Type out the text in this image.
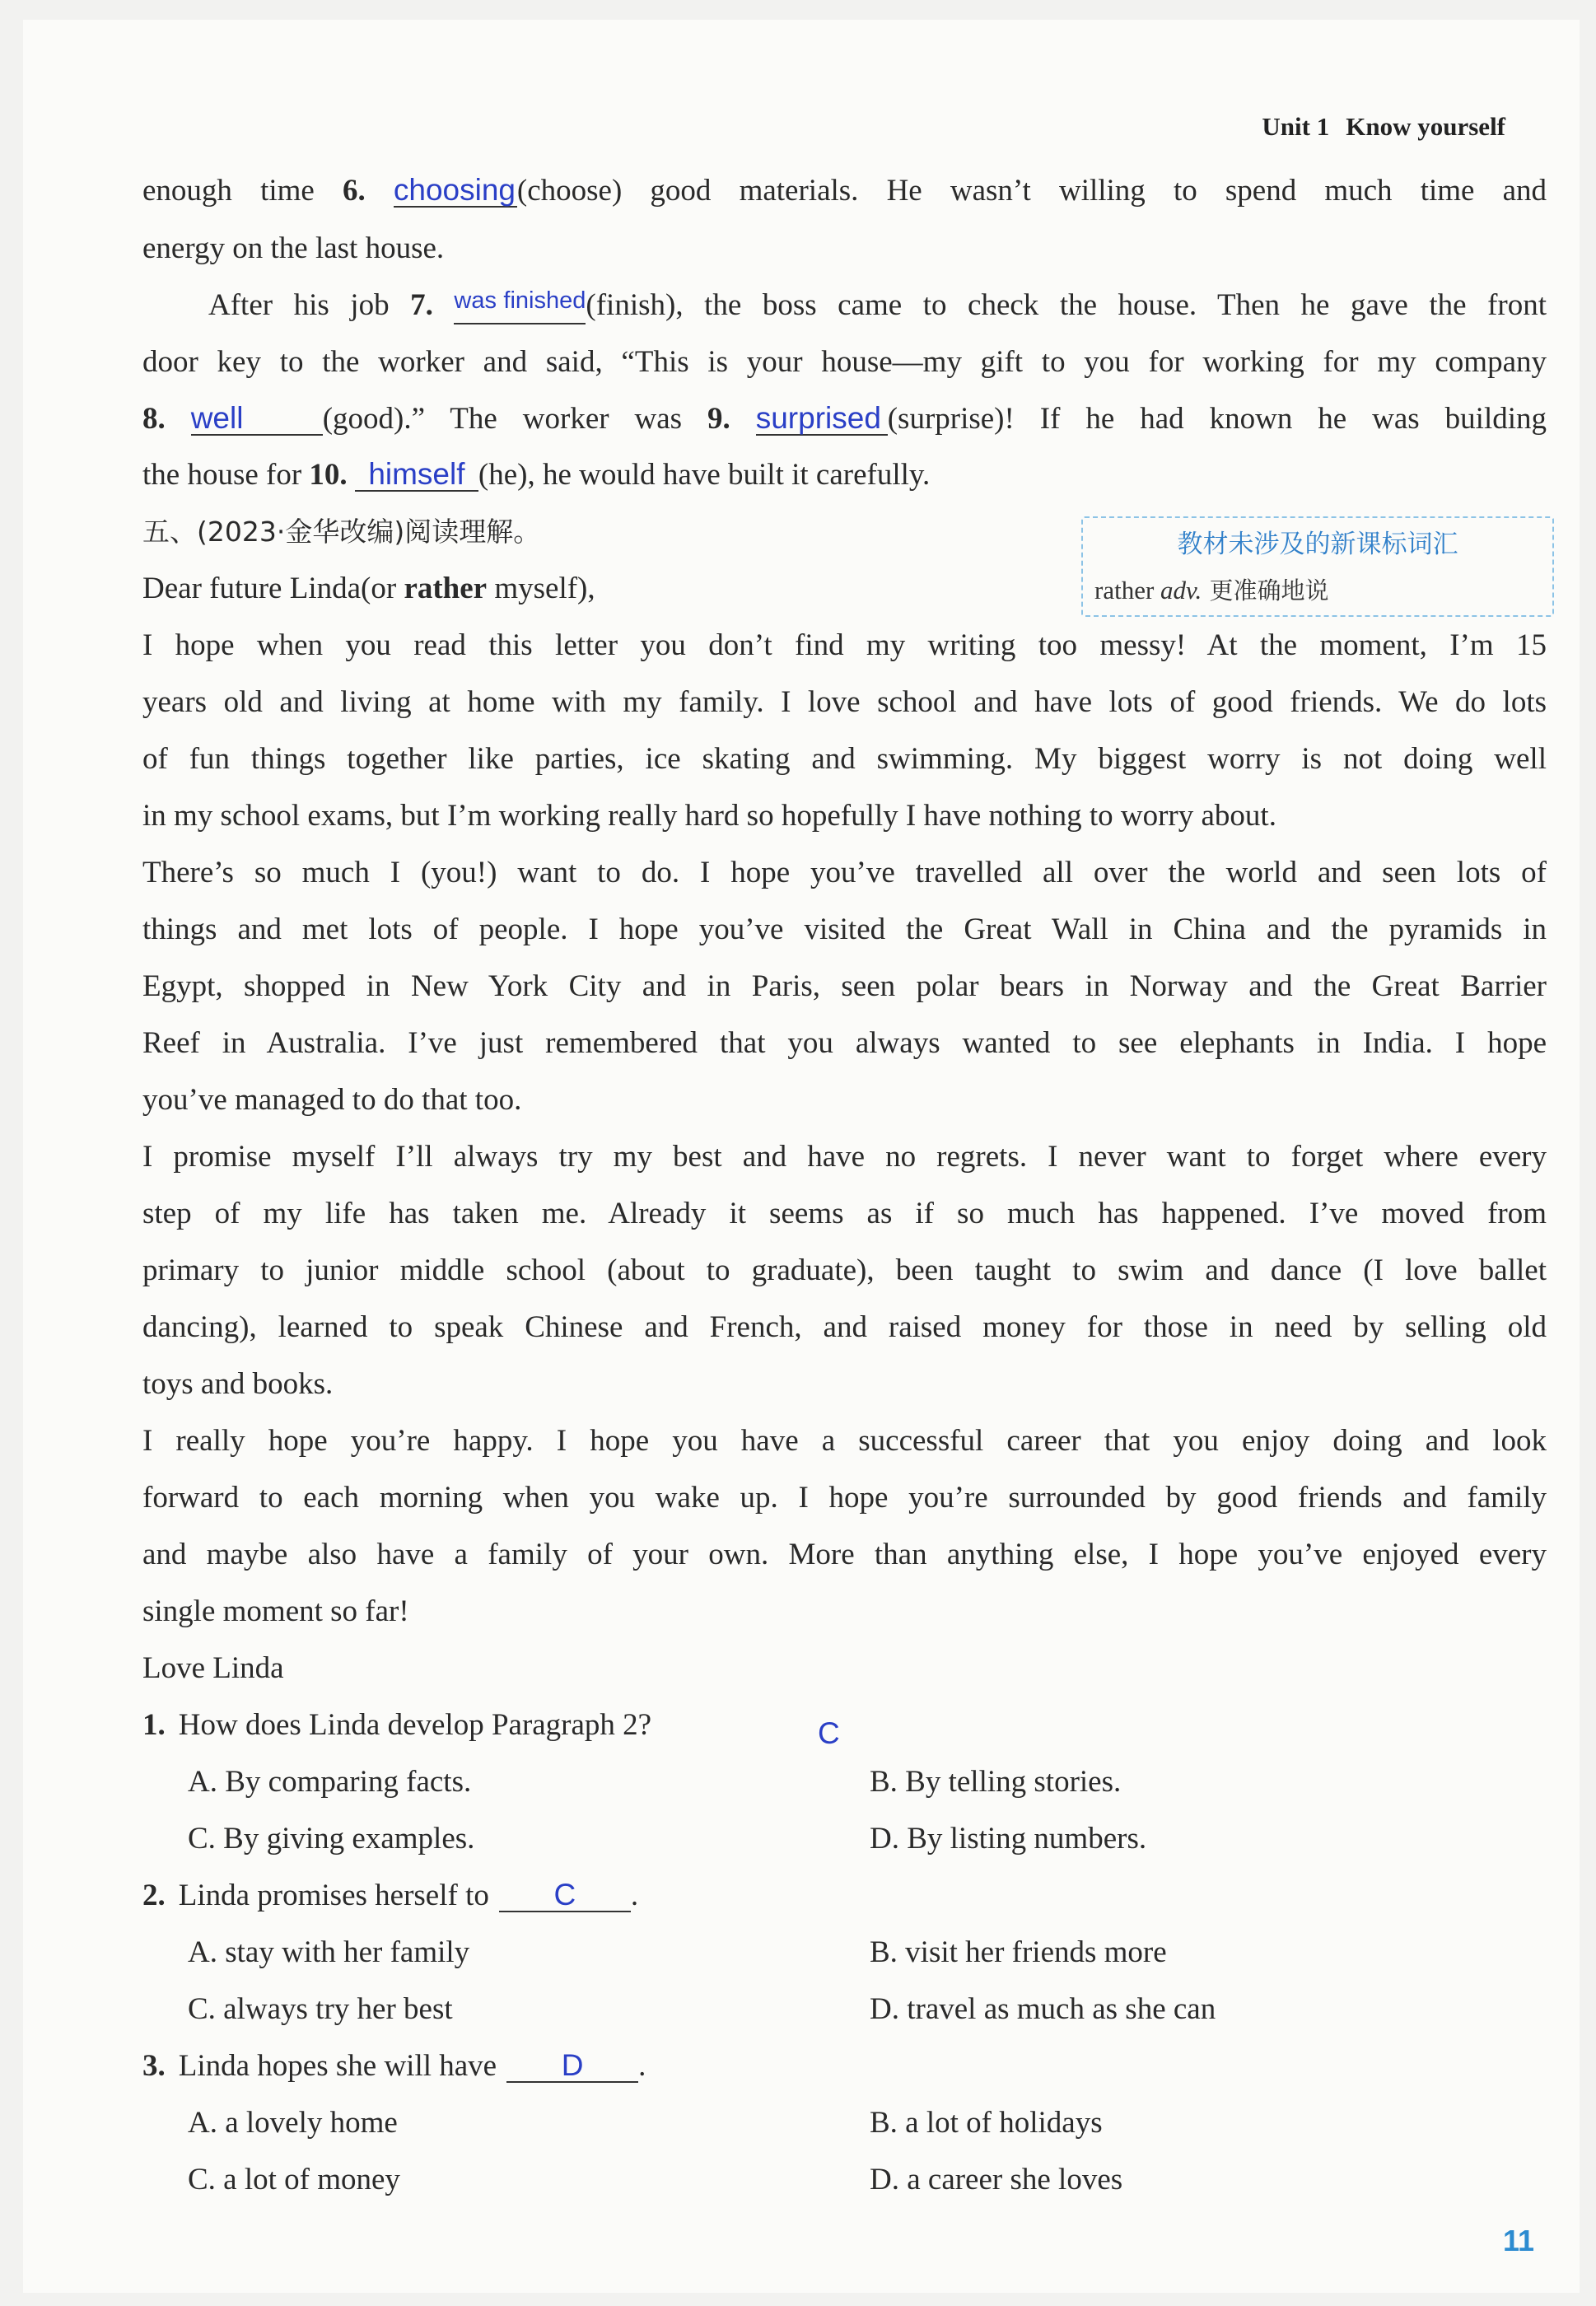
Unit 1 Know yourself
enough time 6. choosing(choose) good materials. He wasn’t willing to spend much time and
energy on the last house.
After his job 7. $^{was finished}$(finish), the boss came to check the house. Then he gave the front
door key to the worker and said, “This is your house—my gift to you for working for my company
8. well	(good).” The worker was 9. surprised (surprise)! If he had known he was building
the house for 10. himself (he), he would have built it carefully.
五、(2023·金华改编)阅读理解。
Dear future Linda(or rather myself),
I hope when you read this letter you don’t find my writing too messy! At the moment, I’m 15
years old and living at home with my family. I love school and have lots of good friends. We do lots
of fun things together like parties, ice skating and swimming. My biggest worry is not doing well
in my school exams, but I’m working really hard so hopefully I have nothing to worry about.
There’s so much I (you!) want to do. I hope you’ve travelled all over the world and seen lots of
things and met lots of people. I hope you’ve visited the Great Wall in China and the pyramids in
Egypt, shopped in New York City and in Paris, seen polar bears in Norway and the Great Barrier
Reef in Australia. I’ve just remembered that you always wanted to see elephants in India. I hope
you’ve managed to do that too.
I promise myself I’ll always try my best and have no regrets. I never want to forget where every
step of my life has taken me. Already it seems as if so much has happened. I’ve moved from
primary to junior middle school (about to graduate), been taught to swim and dance (I love ballet
dancing), learned to speak Chinese and French, and raised money for those in need by selling old
toys and books.
I really hope you’re happy. I hope you have a successful career that you enjoy doing and look
forward to each morning when you wake up. I hope you’re surrounded by good friends and family
and maybe also have a family of your own. More than anything else, I hope you’ve enjoyed every
single moment so far!
Love Linda
1. How does Linda develop Paragraph 2?	C
A. By comparing facts.	B. By telling stories.
C. By giving examples.	D. By listing numbers.
2. Linda promises herself to C .
A. stay with her family	B. visit her friends more
C. always try her best	D. travel as much as she can
3. Linda hopes she will have D .
A. a lovely home	B. a lot of holidays
C. a lot of money	D. a career she loves
教材未涉及的新课标词汇
rather adv. 更准确地说
11
